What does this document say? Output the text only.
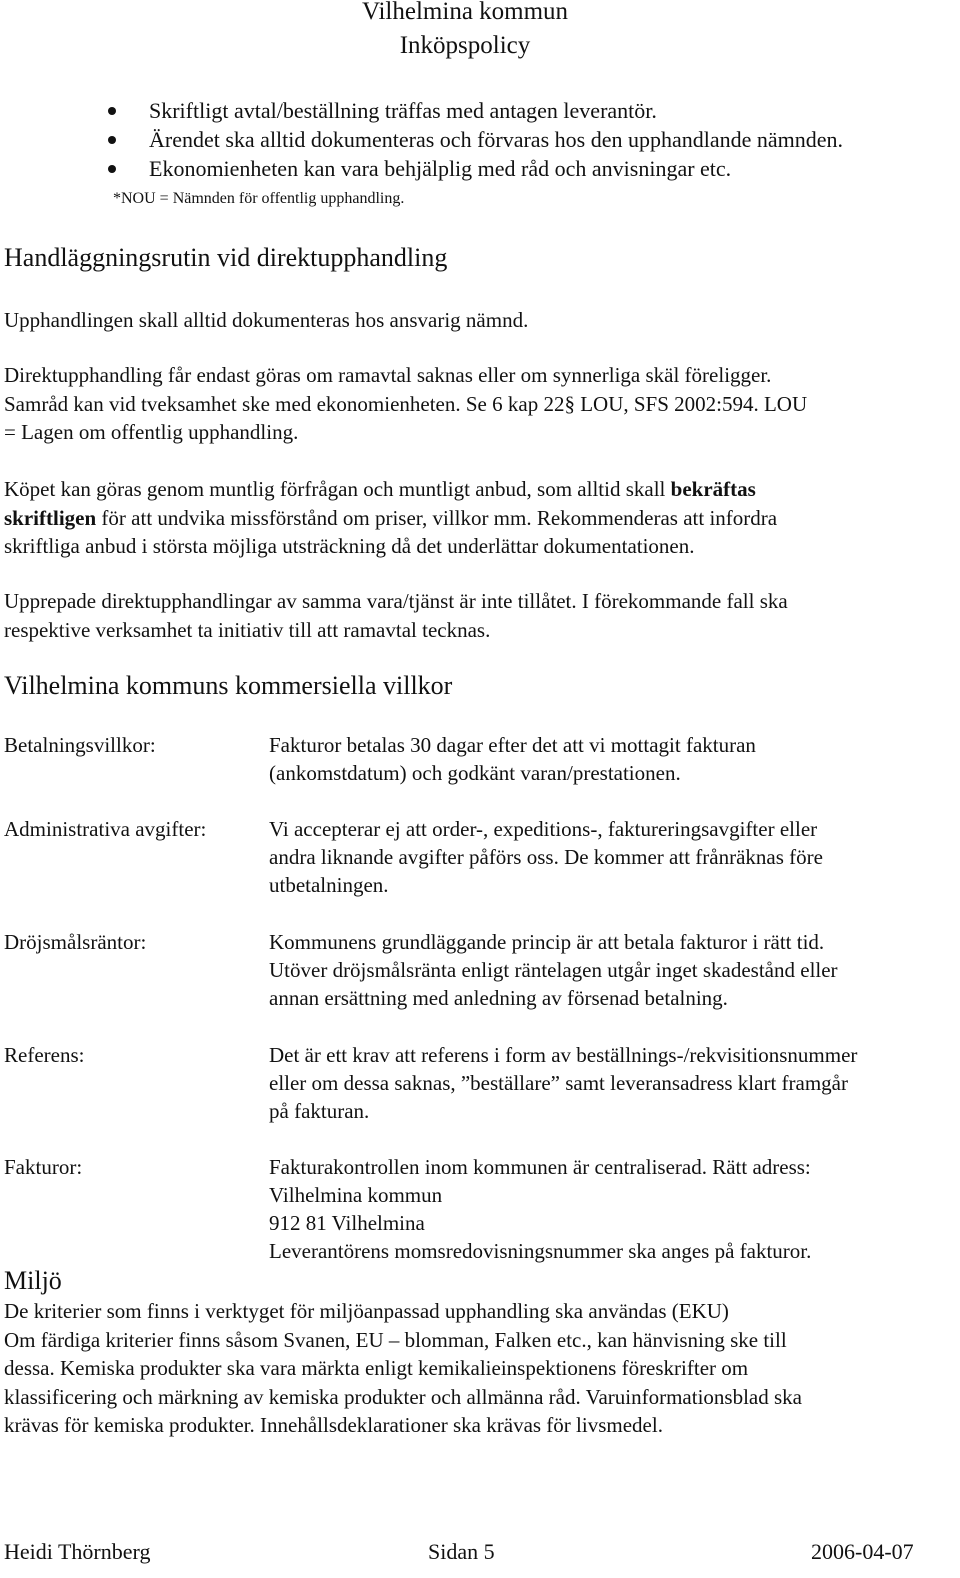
Vilhelmina kommun
Inköpspolicy
Skriftligt avtal/beställning träffas med antagen leverantör.
Ärendet ska alltid dokumenteras och förvaras hos den upphandlande nämnden.
Ekonomienheten kan vara behjälplig med råd och anvisningar etc.
*NOU = Nämnden för offentlig upphandling.
Handläggningsrutin vid direktupphandling
Upphandlingen skall alltid dokumenteras hos ansvarig nämnd.
Direktupphandling får endast göras om ramavtal saknas eller om synnerliga skäl föreligger.
Samråd kan vid tveksamhet ske med ekonomienheten. Se 6 kap 22§ LOU, SFS 2002:594. LOU
= Lagen om offentlig upphandling.
Köpet kan göras genom muntlig förfrågan och muntligt anbud, som alltid skall bekräftas
skriftligen för att undvika missförstånd om priser, villkor mm. Rekommenderas att infordra
skriftliga anbud i största möjliga utsträckning då det underlättar dokumentationen.
Upprepade direktupphandlingar av samma vara/tjänst är inte tillåtet. I förekommande fall ska
respektive verksamhet ta initiativ till att ramavtal tecknas.
Vilhelmina kommuns kommersiella villkor
Betalningsvillkor:	Fakturor betalas 30 dagar efter det att vi mottagit fakturan
(ankomstdatum) och godkänt varan/prestationen.
Administrativa avgifter:	Vi accepterar ej att order-, expeditions-, faktureringsavgifter eller
andra liknande avgifter påförs oss. De kommer att frånräknas före
utbetalningen.
Dröjsmålsräntor:	Kommunens grundläggande princip är att betala fakturor i rätt tid.
Utöver dröjsmålsränta enligt räntelagen utgår inget skadestånd eller
annan ersättning med anledning av försenad betalning.
Referens:	Det är ett krav att referens i form av beställnings-/rekvisitionsnummer
eller om dessa saknas, ”beställare” samt leveransadress klart framgår
på fakturan.
Fakturor:	Fakturakontrollen inom kommunen är centraliserad. Rätt adress:
Vilhelmina kommun
912 81 Vilhelmina
Leverantörens momsredovisningsnummer ska anges på fakturor.
Miljö
De kriterier som finns i verktyget för miljöanpassad upphandling ska användas (EKU)
Om färdiga kriterier finns såsom Svanen, EU – blomman, Falken etc., kan hänvisning ske till
dessa. Kemiska produkter ska vara märkta enligt kemikalieinspektionens föreskrifter om
klassificering och märkning av kemiska produkter och allmänna råd. Varuinformationsblad ska
krävas för kemiska produkter. Innehållsdeklarationer ska krävas för livsmedel.
Heidi Thörnberg	Sidan 5	2006-04-07
